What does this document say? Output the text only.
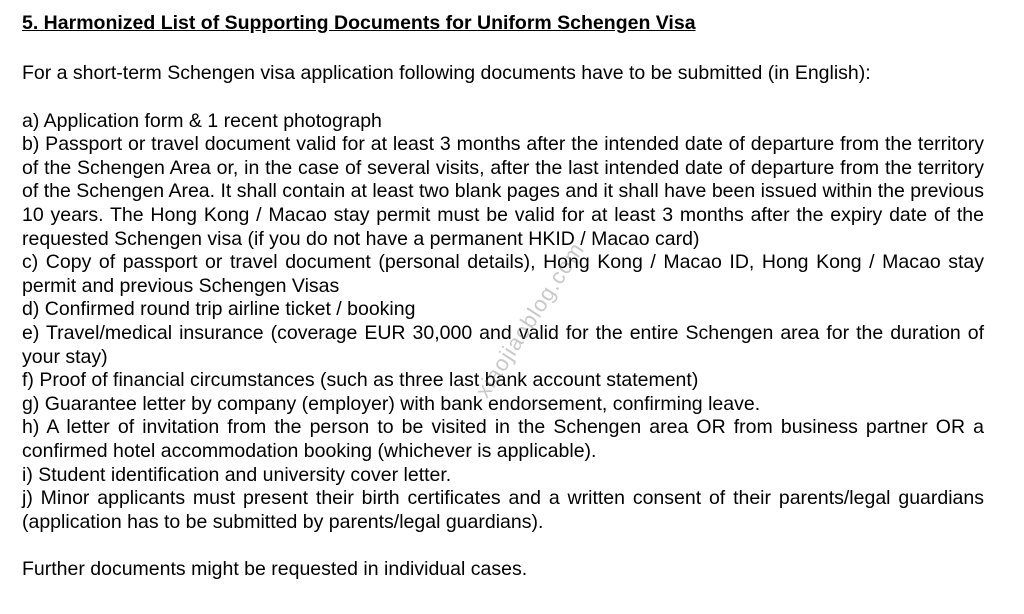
5. Harmonized List of Supporting Documents for Uniform Schengen Visa
For a short-term Schengen visa application following documents have to be submitted (in English):
a) Application form & 1 recent photograph
b) Passport or travel document valid for at least 3 months after the intended date of departure from the territory of the Schengen Area or, in the case of several visits, after the last intended date of departure from the territory of the Schengen Area. It shall contain at least two blank pages and it shall have been issued within the previous 10 years. The Hong Kong / Macao stay permit must be valid for at least 3 months after the expiry date of the requested Schengen visa (if you do not have a permanent HKID / Macao card)
c) Copy of passport or travel document (personal details), Hong Kong / Macao ID, Hong Kong / Macao stay permit and previous Schengen Visas
d) Confirmed round trip airline ticket / booking
e) Travel/medical insurance (coverage EUR 30,000 and valid for the entire Schengen area for the duration of your stay)
f) Proof of financial circumstances (such as three last bank account statement)
g) Guarantee letter by company (employer) with bank endorsement, confirming leave.
h) A letter of invitation from the person to be visited in the Schengen area OR from business partner OR a confirmed hotel accommodation booking (whichever is applicable).
i) Student identification and university cover letter.
j) Minor applicants must present their birth certificates and a written consent of their parents/legal guardians (application has to be submitted by parents/legal guardians).
Further documents might be requested in individual cases.
xiaojiaoblog.com
